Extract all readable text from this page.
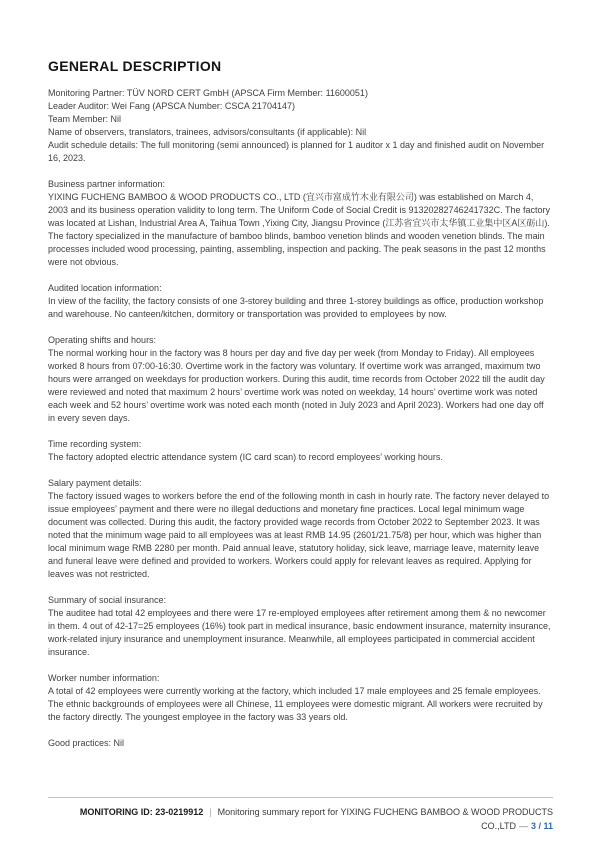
GENERAL DESCRIPTION

Monitoring Partner: TÜV NORD CERT GmbH (APSCA Firm Member: 11600051)

Leader Auditor: Wei Fang (APSCA Number: CSCA 21704147)

Team Member: Nil

Name of observers, translators, trainees, advisors/consultants (if applicable): Nil

Audit schedule details: The full monitoring (semi announced) is planned for 1 auditor x 1 day and finished audit on November 16, 2023.

Business partner information:

YIXING FUCHENG BAMBOO & WOOD PRODUCTS CO., LTD (宜兴市富成竹木业有限公司) was established on March 4, 2003 and its business operation validity to long term. The Uniform Code of Social Credit is 91320282746241732C. The factory was located at Lishan, Industrial Area A, Taihua Town ,Yixing City, Jiangsu Province (江苏省宜兴市太华镇工业集中区A区砺山). The factory specialized in the manufacture of bamboo blinds, bamboo venetion blinds and wooden venetion blinds. The main processes included wood processing, painting, assembling, inspection and packing. The peak seasons in the past 12 months were not obvious.

Audited location information:

In view of the facility, the factory consists of one 3-storey building and three 1-storey buildings as office, production workshop and warehouse. No canteen/kitchen, dormitory or transportation was provided to employees by now.

Operating shifts and hours:

The normal working hour in the factory was 8 hours per day and five day per week (from Monday to Friday). All employees worked 8 hours from 07:00-16:30. Overtime work in the factory was voluntary. If overtime work was arranged, maximum two hours were arranged on weekdays for production workers. During this audit, time records from October 2022 till the audit day were reviewed and noted that maximum 2 hours’ overtime work was noted on weekday, 14 hours’ overtime work was noted each week and 52 hours’ overtime work was noted each month (noted in July 2023 and April 2023). Workers had one day off in every seven days.

Time recording system:

The factory adopted electric attendance system (IC card scan) to record employees’ working hours.

Salary payment details:

The factory issued wages to workers before the end of the following month in cash in hourly rate. The factory never delayed to issue employees’ payment and there were no illegal deductions and monetary fine practices. Local legal minimum wage document was collected. During this audit, the factory provided wage records from October 2022 to September 2023. It was noted that the minimum wage paid to all employees was at least RMB 14.95 (2601/21.75/8) per hour, which was higher than local minimum wage RMB 2280 per month. Paid annual leave, statutory holiday, sick leave, marriage leave, maternity leave and funeral leave were defined and provided to workers. Workers could apply for relevant leaves as required. Applying for leaves was not restricted.

Summary of social insurance:

The auditee had total 42 employees and there were 17 re-employed employees after retirement among them & no newcomer in them. 4 out of 42-17=25 employees (16%) took part in medical insurance, basic endowment insurance, maternity insurance, work-related injury insurance and unemployment insurance. Meanwhile, all employees participated in commercial accident insurance.

Worker number information:

A total of 42 employees were currently working at the factory, which included 17 male employees and 25 female employees. The ethnic backgrounds of employees were all Chinese, 11 employees were domestic migrant. All workers were recruited by the factory directly. The youngest employee in the factory was 33 years old.

Good practices: Nil

MONITORING ID: 23-0219912 | Monitoring summary report for YIXING FUCHENG BAMBOO & WOOD PRODUCTS CO.,LTD — 3 / 11
